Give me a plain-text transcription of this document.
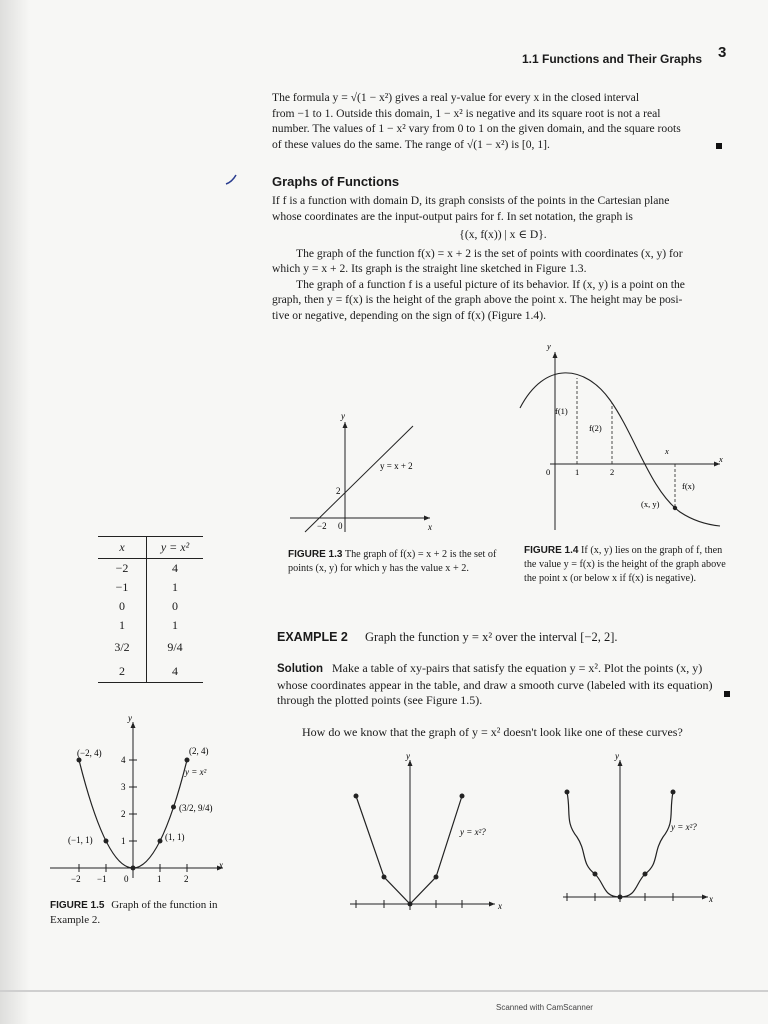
1.1 Functions and Their Graphs 3

The formula y = √(1 − x²) gives a real y-value for every x in the closed interval

from −1 to 1. Outside this domain, 1 − x² is negative and its square root is not a real

number. The values of 1 − x² vary from 0 to 1 on the given domain, and the square roots

of these values do the same. The range of √(1 − x²) is [0, 1].

Graphs of Functions

If f is a function with domain D, its graph consists of the points in the Cartesian plane

whose coordinates are the input-output pairs for f. In set notation, the graph is

{(x, f(x)) | x ∈ D}.

The graph of the function f(x) = x + 2 is the set of points with coordinates (x, y) for

which y = x + 2. Its graph is the straight line sketched in Figure 1.3.

The graph of a function f is a useful picture of its behavior. If (x, y) is a point on the

graph, then y = f(x) is the height of the graph above the point x. The height may be posi-

tive or negative, depending on the sign of f(x) (Figure 1.4).

x
y
y = x + 2
−2 0
2
FIGURE 1.3 The graph of f(x) = x + 2 is the set of points (x, y) for which y has the value x + 2.
f(1)
f(2)
f(x)
(x, y)
x
x
y
0	1	2
FIGURE 1.4 If (x, y) lies on the graph of f, then the value y = f(x) is the height of the graph above the point x (or below x if f(x) is negative).
x	y = x²
−2	4
−1	1
0	0
1	1
3/2	9/4
2	4
EXAMPLE 2 Graph the function y = x² over the interval [−2, 2].

Solution Make a table of xy-pairs that satisfy the equation y = x². Plot the points (x, y)

whose coordinates appear in the table, and draw a smooth curve (labeled with its equation)

through the plotted points (see Figure 1.5).

How do we know that the graph of y = x² doesn't look like one of these curves?
(−2, 4)	(2, 4)
(−1, 1)	(1, 1)
(3/2, 9/4)
y = x²
y
x
−2 −1 0	1	2
1
2
3
4
FIGURE 1.5 Graph of the function in Example 2.
y = x²?
x
y
y = x²?
x
y
Scanned with CamScanner
